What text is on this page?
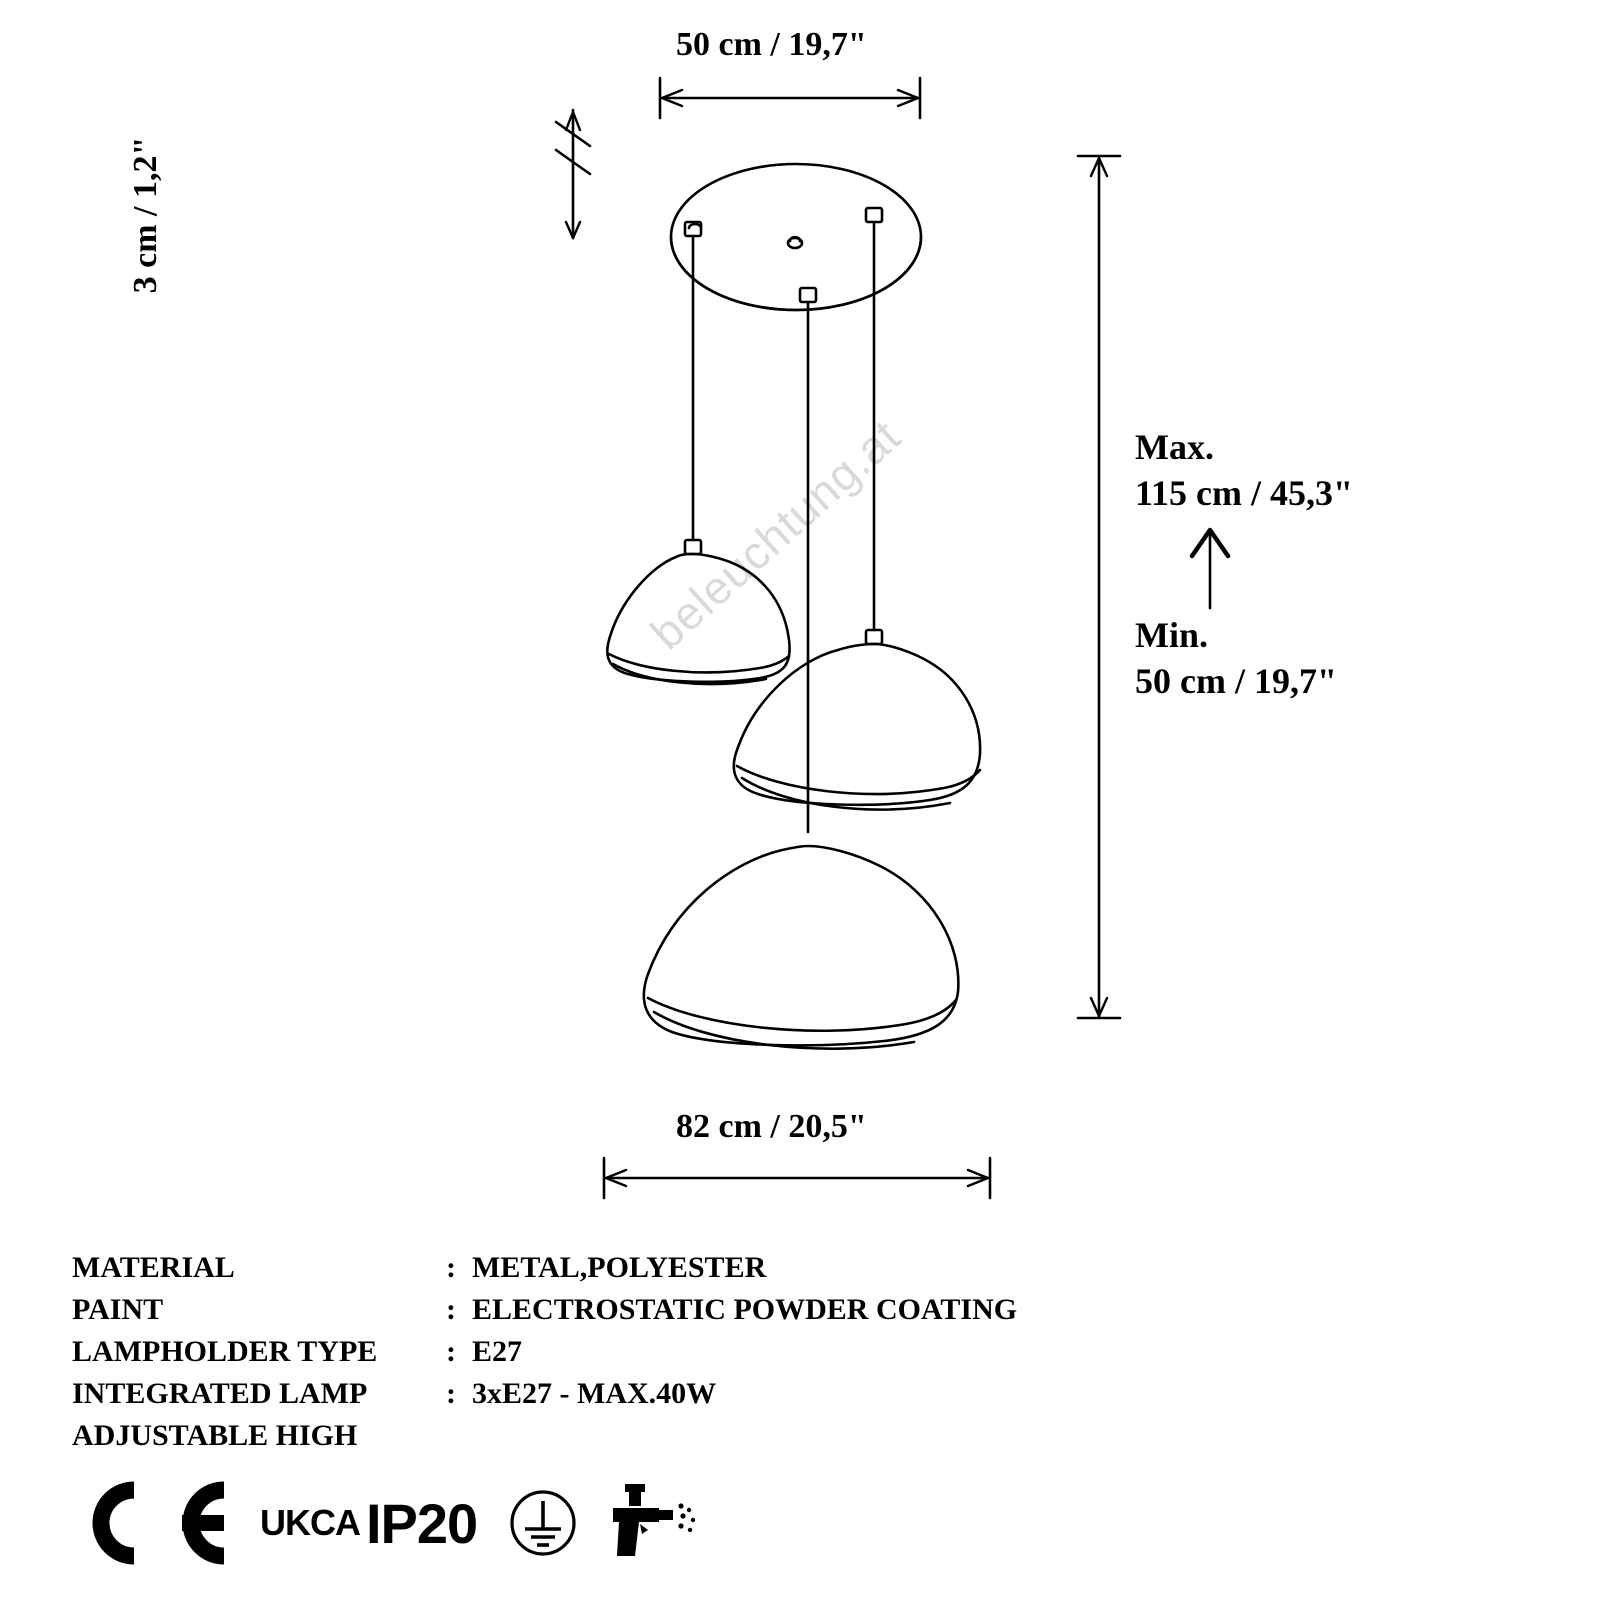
beleuchtung.at
50 cm / 19,7"
3 cm / 1,2"
Max.
115 cm / 45,3"
Min.
50 cm / 19,7"
82 cm / 20,5"
MATERIAL	:	METAL,POLYESTER
PAINT	:	ELECTROSTATIC POWDER COATING
LAMPHOLDER TYPE	:	E27
INTEGRATED LAMP	:	3xE27 - MAX.40W
ADJUSTABLE HIGH		
UK CA IP20
